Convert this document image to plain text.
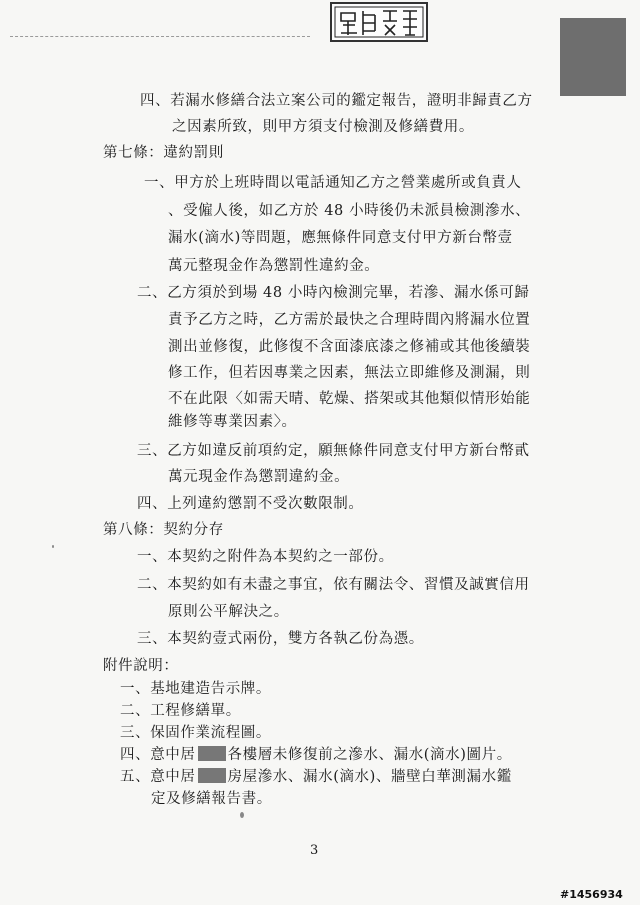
四、若漏水修繕合法立案公司的鑑定報告，證明非歸責乙方
之因素所致，則甲方須支付檢測及修繕費用。
第七條：違約罰則
一、甲方於上班時間以電話通知乙方之營業處所或負責人
、受僱人後，如乙方於 48 小時後仍未派員檢測滲水、
漏水(滴水)等問題，應無條件同意支付甲方新台幣壹
萬元整現金作為懲罰性違約金。
二、乙方須於到場 48 小時內檢測完畢，若滲、漏水係可歸
責予乙方之時，乙方需於最快之合理時間內將漏水位置
測出並修復，此修復不含面漆底漆之修補或其他後續裝
修工作，但若因專業之因素，無法立即維修及測漏，則
不在此限〈如需天晴、乾燥、搭架或其他類似情形始能
維修等專業因素〉。
三、乙方如違反前項約定，願無條件同意支付甲方新台幣貳
萬元現金作為懲罰違約金。
四、上列違約懲罰不受次數限制。
第八條：契約分存
一、本契約之附件為本契約之一部份。
二、本契約如有未盡之事宜，依有關法令、習慣及誠實信用
原則公平解決之。
三、本契約壹式兩份，雙方各執乙份為憑。
附件說明：
一、基地建造告示牌。
二、工程修繕單。
三、保固作業流程圖。
四、意中居 各樓層未修復前之滲水、漏水(滴水)圖片。
五、意中居 房屋滲水、漏水(滴水)、牆壁白華測漏水鑑
定及修繕報告書。
3
#1456934
